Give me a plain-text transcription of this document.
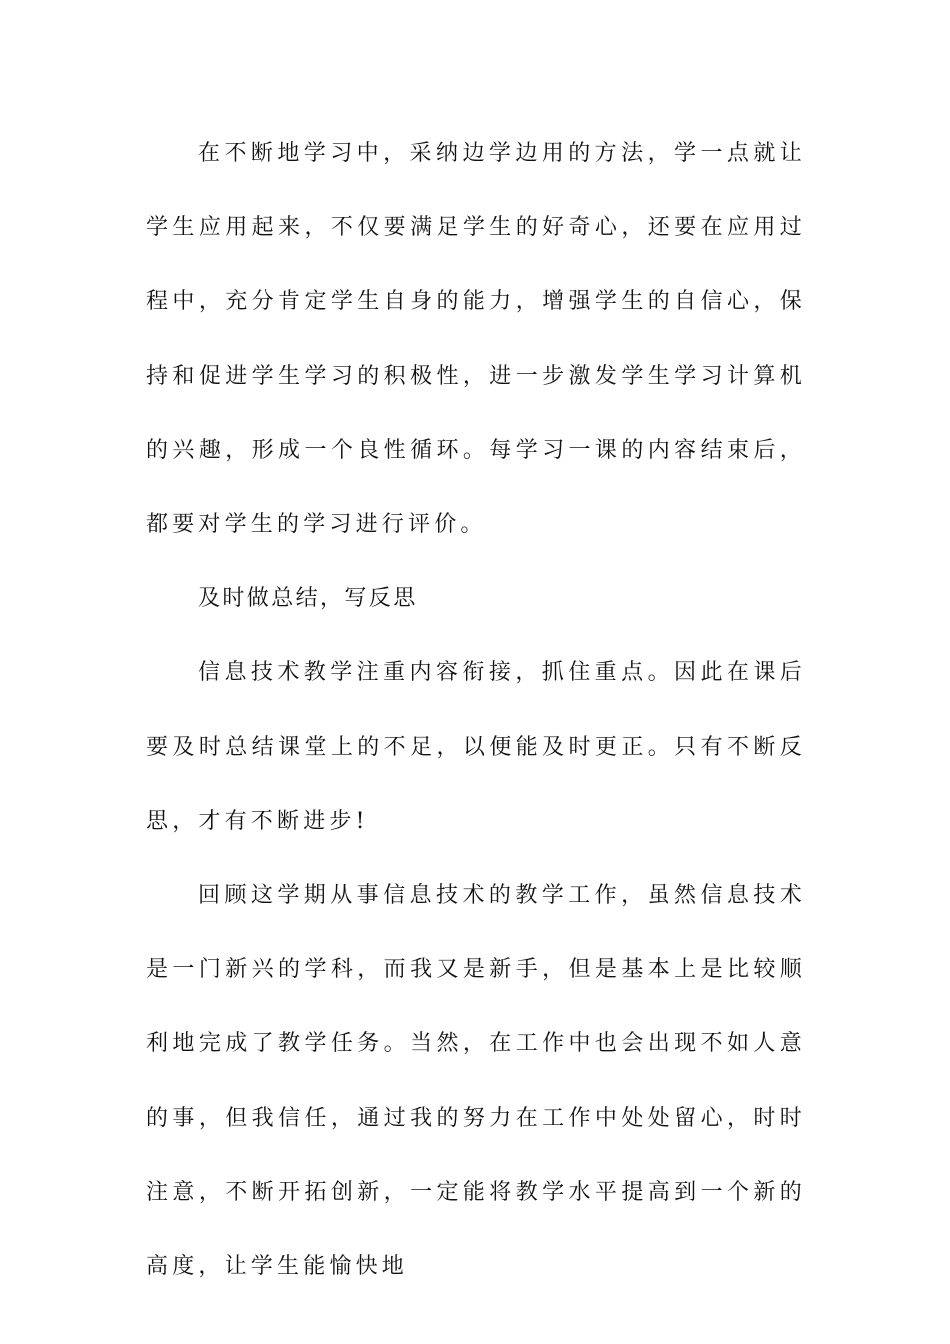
在不断地学习中，采纳边学边用的方法，学一点就让学生应用起来，不仅要满足学生的好奇心，还要在应用过程中，充分肯定学生自身的能力，增强学生的自信心，保持和促进学生学习的积极性，进一步激发学生学习计算机的兴趣，形成一个良性循环。每学习一课的内容结束后，都要对学生的学习进行评价。

及时做总结，写反思

信息技术教学注重内容衔接，抓住重点。因此在课后要及时总结课堂上的不足，以便能及时更正。只有不断反思，才有不断进步!

回顾这学期从事信息技术的教学工作，虽然信息技术是一门新兴的学科，而我又是新手，但是基本上是比较顺利地完成了教学任务。当然，在工作中也会出现不如人意的事，但我信任，通过我的努力在工作中处处留心，时时注意，不断开拓创新，一定能将教学水平提高到一个新的高度，让学生能愉快地
